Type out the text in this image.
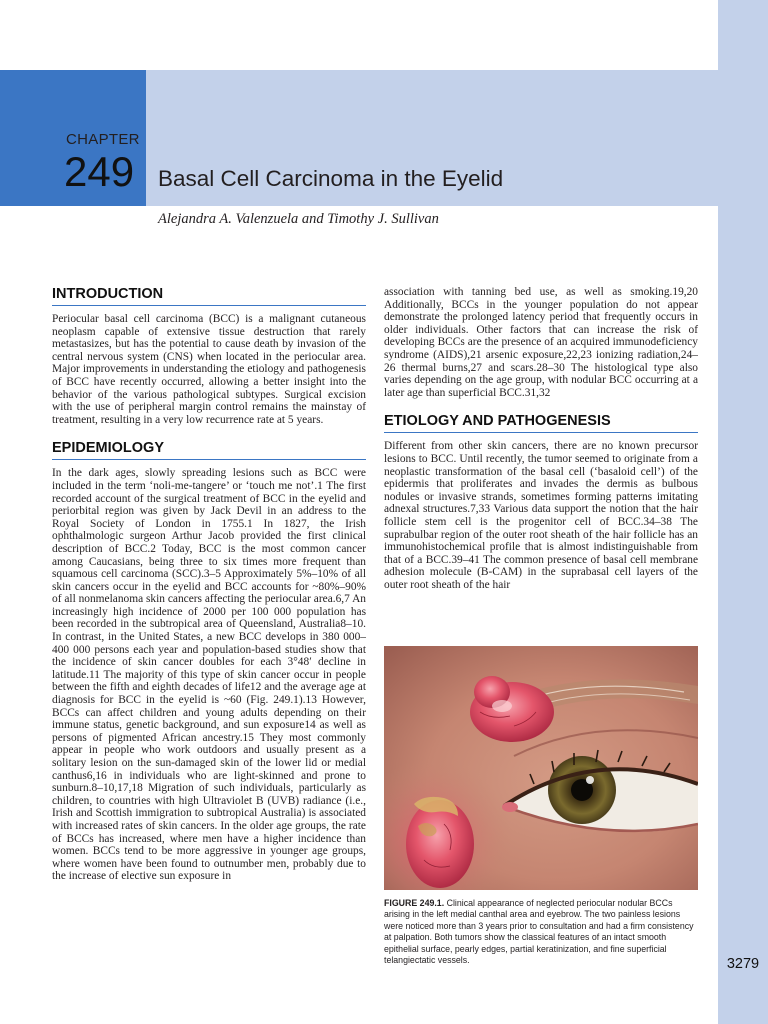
CHAPTER
249 Basal Cell Carcinoma in the Eyelid
Alejandra A. Valenzuela and Timothy J. Sullivan
INTRODUCTION

Periocular basal cell carcinoma (BCC) is a malignant cutaneous neoplasm capable of extensive tissue destruction that rarely metastasizes, but has the potential to cause death by invasion of the central nervous system (CNS) when located in the periocular area. Major improvements in understanding the etiology and pathogenesis of BCC have recently occurred, allowing a better insight into the behavior of the various pathological subtypes. Surgical excision with the use of peripheral margin control remains the mainstay of treatment, resulting in a very low recurrence rate at 5 years.

EPIDEMIOLOGY

In the dark ages, slowly spreading lesions such as BCC were included in the term ‘noli-me-tangere’ or ‘touch me not’.1 The first recorded account of the surgical treatment of BCC in the eyelid and periorbital region was given by Jack Devil in an address to the Royal Society of London in 1755.1 In 1827, the Irish ophthalmologic surgeon Arthur Jacob provided the first clinical description of BCC.2 Today, BCC is the most common cancer among Caucasians, being three to six times more frequent than squamous cell carcinoma (SCC).3–5 Approximately 5%–10% of all skin cancers occur in the eyelid and BCC accounts for ~80%–90% of all nonmelanoma skin cancers affecting the periocular area.6,7 An increasingly high incidence of 2000 per 100 000 population has been recorded in the subtropical area of Queensland, Australia8–10. In contrast, in the United States, a new BCC develops in 380 000–400 000 persons each year and population-based studies show that the incidence of skin cancer doubles for each 3°48′ decline in latitude.11 The majority of this type of skin cancer occur in people between the fifth and eighth decades of life12 and the average age at diagnosis for BCC in the eyelid is ~60 (Fig. 249.1).13 However, BCCs can affect children and young adults depending on their immune status, genetic background, and sun exposure14 as well as persons of pigmented African ancestry.15 They most commonly appear in people who work outdoors and usually present as a solitary lesion on the sun-damaged skin of the lower lid or medial canthus6,16 in individuals who are light-skinned and prone to sunburn.8–10,17,18 Migration of such individuals, particularly as children, to countries with high Ultraviolet B (UVB) radiance (i.e., Irish and Scottish immigration to subtropical Australia) is associated with increased rates of skin cancers. In the older age groups, the rate of BCCs has increased, where men have a higher incidence than women. BCCs tend to be more aggressive in younger age groups, where women have been found to outnumber men, probably due to the increase of elective sun exposure in

association with tanning bed use, as well as smoking.19,20 Additionally, BCCs in the younger population do not appear demonstrate the prolonged latency period that frequently occurs in older individuals. Other factors that can increase the risk of developing BCCs are the presence of an acquired immunodeficiency syndrome (AIDS),21 arsenic exposure,22,23 ionizing radiation,24–26 thermal burns,27 and scars.28–30 The histological type also varies depending on the age group, with nodular BCC occurring at a later age than superficial BCC.31,32

ETIOLOGY AND PATHOGENESIS

Different from other skin cancers, there are no known precursor lesions to BCC. Until recently, the tumor seemed to originate from a neoplastic transformation of the basal cell (‘basaloid cell’) of the epidermis that proliferates and invades the dermis as bulbous nodules or invasive strands, sometimes forming patterns imitating adnexal structures.7,33 Various data support the notion that the hair follicle stem cell is the progenitor cell of BCC.34–38 The suprabulbar region of the outer root sheath of the hair follicle has an immunohistochemical profile that is almost indistinguishable from that of a BCC.39–41 The common presence of basal cell membrane adhesion molecule (B-CAM) in the suprabasal cell layers of the outer root sheath of the hair

FIGURE 249.1. Clinical appearance of neglected periocular nodular BCCs arising in the left medial canthal area and eyebrow. The two painless lesions were noticed more than 3 years prior to consultation and had a firm consistency at palpation. Both tumors show the classical features of an intact smooth epithelial surface, pearly edges, partial keratinization, and fine superficial telangiectatic vessels.	3279
